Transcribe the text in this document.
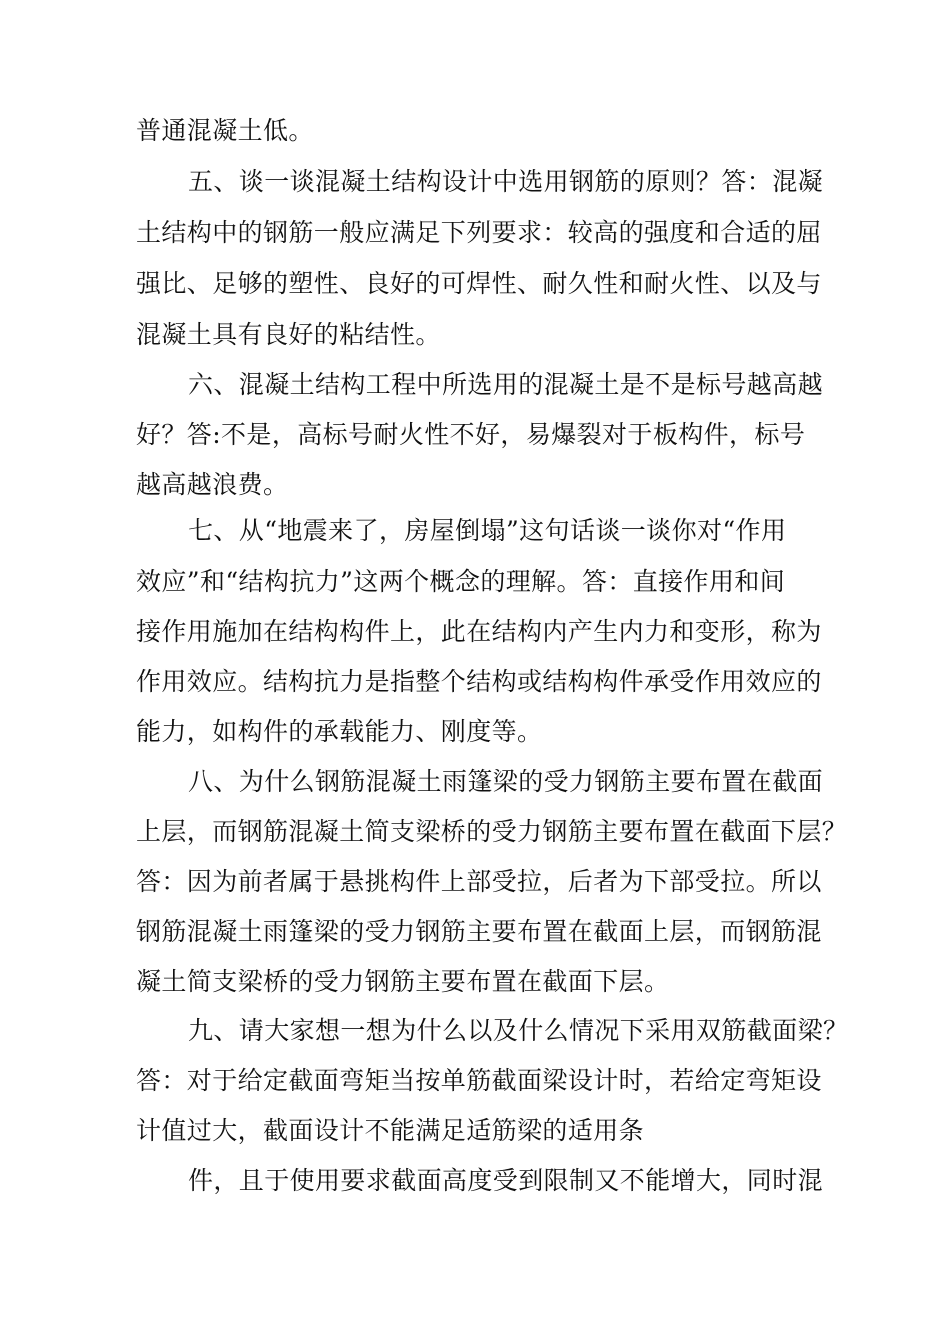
普通混凝土低。
五、谈一谈混凝土结构设计中选用钢筋的原则？答：混凝
土结构中的钢筋一般应满足下列要求：较高的强度和合适的屈
强比、足够的塑性、良好的可焊性、耐久性和耐火性、以及与
混凝土具有良好的粘结性。
六、混凝土结构工程中所选用的混凝土是不是标号越高越
好？答:不是，高标号耐火性不好，易爆裂对于板构件，标号
越高越浪费。
七、从“地震来了，房屋倒塌”这句话谈一谈你对“作用
效应”和“结构抗力”这两个概念的理解。答：直接作用和间
接作用施加在结构构件上，此在结构内产生内力和变形，称为
作用效应。结构抗力是指整个结构或结构构件承受作用效应的
能力，如构件的承载能力、刚度等。
八、为什么钢筋混凝土雨篷梁的受力钢筋主要布置在截面
上层，而钢筋混凝土简支梁桥的受力钢筋主要布置在截面下层？
答：因为前者属于悬挑构件上部受拉，后者为下部受拉。所以
钢筋混凝土雨篷梁的受力钢筋主要布置在截面上层，而钢筋混
凝土简支梁桥的受力钢筋主要布置在截面下层。
九、请大家想一想为什么以及什么情况下采用双筋截面梁？
答：对于给定截面弯矩当按单筋截面梁设计时，若给定弯矩设
计值过大，截面设计不能满足适筋梁的适用条
件，且于使用要求截面高度受到限制又不能增大，同时混
